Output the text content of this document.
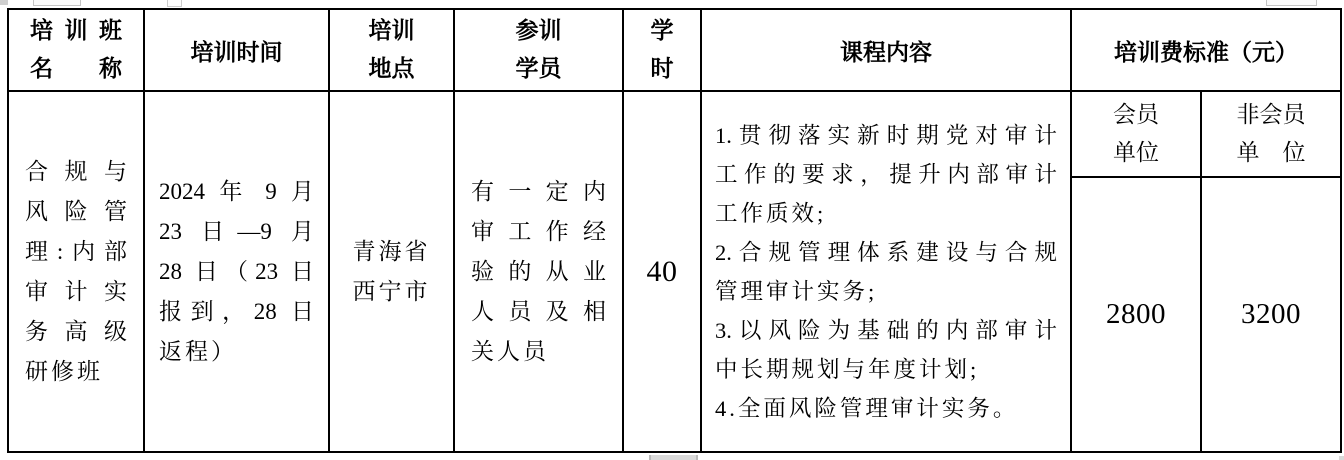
培训班
名 称
培训时间
培训
地点
参训
学员
学
时
课程内容	培训费标准（元）
合规与
风险管
理:内部
审计实
务高级
研修班
2024 年 9 月
23 日—9 月
28 日（23 日
报到，28 日
返程）
青海省
西宁市
有一定内
审工作经
验的从业
人员及相
关人员
40
1.贯彻落实新时期党对审计
工作的要求，提升内部审计
工作质效;
2.合规管理体系建设与合规
管理审计实务;
3.以风险为基础的内部审计
中长期规划与年度计划;
4.全面风险管理审计实务。
会员
单位
非会员
单 位
2800	3200
